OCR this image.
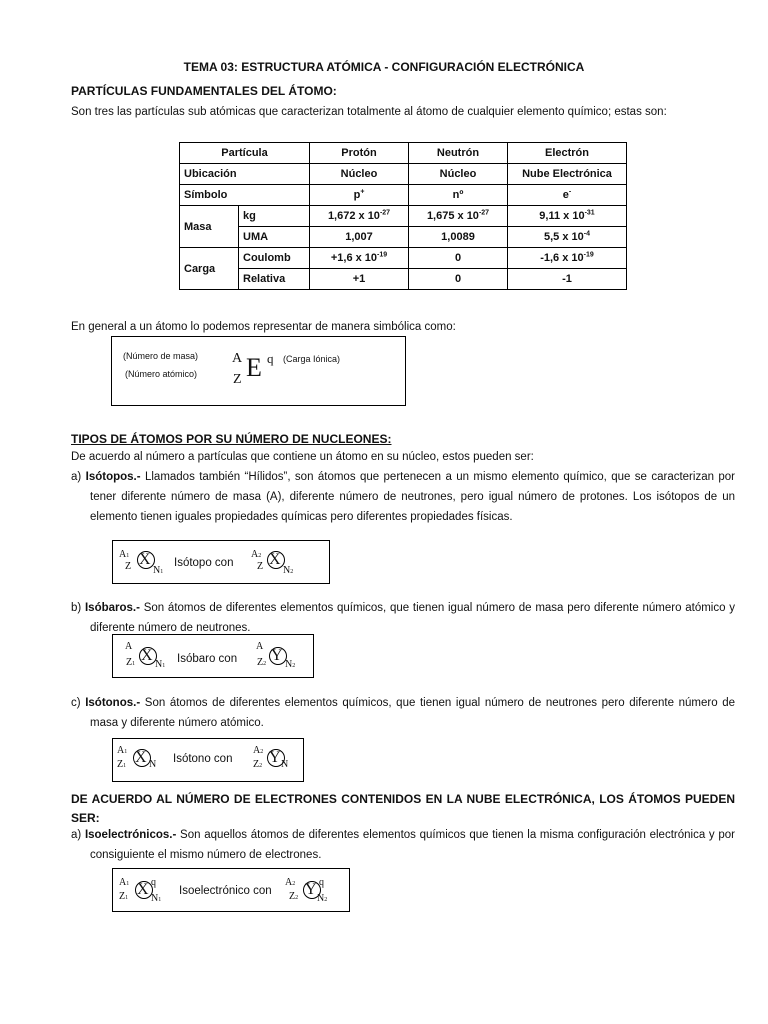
TEMA 03: ESTRUCTURA ATÓMICA - CONFIGURACIÓN ELECTRÓNICA
PARTÍCULAS FUNDAMENTALES DEL ÁTOMO:
Son tres las partículas sub atómicas que caracterizan totalmente al átomo de cualquier elemento químico; estas son:
Partícula		Protón	Neutrón	Electrón
Ubicación		Núcleo	Núcleo	Nube Electrónica
Símbolo		p+	nº	e-
Masa	kg	1,672 x $10^{-27}$	1,675 x $10^{-27}$	9,11 x $10^{-31}$
	UMA	1,007	1,0089	5,5 x $10^{-4}$
Carga	Coulomb	+1,6 x $10^{-19}$	0	-1,6 x $10^{-19}$
	Relativa	+1	0	-1
En general a un átomo lo podemos representar de manera simbólica como:
(Número de masa)
(Número atómico)
A
Z E q (Carga Iónica)
TIPOS DE ÁTOMOS POR SU NÚMERO DE NUCLEONES:
De acuerdo al número a partículas que contiene un átomo en su núcleo, estos pueden ser:
a) Isótopos.- Llamados también “Hílidos”, son átomos que pertenecen a un mismo elemento químico, que se caracterizan por tener diferente número de masa (A), diferente número de neutrones, pero igual número de protones. Los isótopos de un elemento tienen iguales propiedades químicas pero diferentes propiedades físicas.
A1
Z X
N1
Isótopo con
A2
Z X
N2
b) Isóbaros.- Son átomos de diferentes elementos químicos, que tienen igual número de masa pero diferente número atómico y diferente número de neutrones.
A
Z1 X
N1
Isóbaro con
A
Z2 Y
N2
c) Isótonos.- Son átomos de diferentes elementos químicos, que tienen igual número de neutrones pero diferente número de masa y diferente número atómico.
A1
Z1 X N Isótono con
A2
Z2 Y N
DE ACUERDO AL NÚMERO DE ELECTRONES CONTENIDOS EN LA NUBE ELECTRÓNICA, LOS ÁTOMOS PUEDEN SER:
a) Isoelectrónicos.- Son aquellos átomos de diferentes elementos químicos que tienen la misma configuración electrónica y por consiguiente el mismo número de electrones.
A1
Z1 X q
N1
Isoelectrónico con
A2
Z2 Y q
N2
